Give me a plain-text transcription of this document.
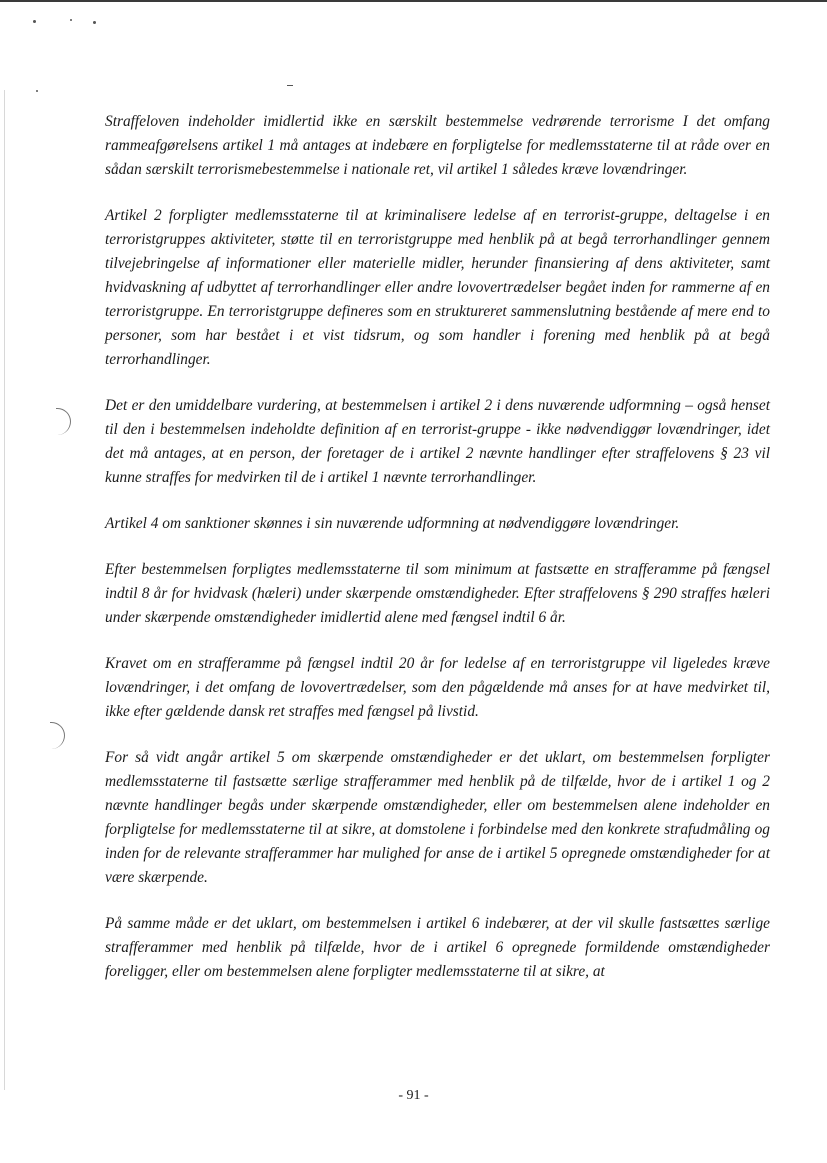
Straffeloven indeholder imidlertid ikke en særskilt bestemmelse vedrørende terrorisme I det omfang rammeafgørelsens artikel 1 må antages at indebære en forpligtelse for medlemsstaterne til at råde over en sådan særskilt terrorismebestemmelse i nationale ret, vil artikel 1 således kræve lovændringer.

Artikel 2 forpligter medlemsstaterne til at kriminalisere ledelse af en terrorist-gruppe, deltagelse i en terroristgruppes aktiviteter, støtte til en terroristgruppe med henblik på at begå terrorhandlinger gennem tilvejebringelse af informationer eller materielle midler, herunder finansiering af dens aktiviteter, samt hvidvaskning af udbyttet af terrorhandlinger eller andre lovovertrædelser begået inden for rammerne af en terroristgruppe. En terroristgruppe defineres som en struktureret sammenslutning bestående af mere end to personer, som har bestået i et vist tidsrum, og som handler i forening med henblik på at begå terrorhandlinger.

Det er den umiddelbare vurdering, at bestemmelsen i artikel 2 i dens nuværende udformning – også henset til den i bestemmelsen indeholdte definition af en terrorist-gruppe - ikke nødvendiggør lovændringer, idet det må antages, at en person, der foretager de i artikel 2 nævnte handlinger efter straffelovens § 23 vil kunne straffes for medvirken til de i artikel 1 nævnte terrorhandlinger.

Artikel 4 om sanktioner skønnes i sin nuværende udformning at nødvendiggøre lovændringer.

Efter bestemmelsen forpligtes medlemsstaterne til som minimum at fastsætte en strafferamme på fængsel indtil 8 år for hvidvask (hæleri) under skærpende omstændigheder. Efter straffelovens § 290 straffes hæleri under skærpende omstændigheder imidlertid alene med fængsel indtil 6 år.

Kravet om en strafferamme på fængsel indtil 20 år for ledelse af en terroristgruppe vil ligeledes kræve lovændringer, i det omfang de lovovertrædelser, som den pågældende må anses for at have medvirket til, ikke efter gældende dansk ret straffes med fængsel på livstid.

For så vidt angår artikel 5 om skærpende omstændigheder er det uklart, om bestemmelsen forpligter medlemsstaterne til fastsætte særlige strafferammer med henblik på de tilfælde, hvor de i artikel 1 og 2 nævnte handlinger begås under skærpende omstændigheder, eller om bestemmelsen alene indeholder en forpligtelse for medlemsstaterne til at sikre, at domstolene i forbindelse med den konkrete strafudmåling og inden for de relevante strafferammer har mulighed for anse de i artikel 5 opregnede omstændigheder for at være skærpende.

På samme måde er det uklart, om bestemmelsen i artikel 6 indebærer, at der vil skulle fastsættes særlige strafferammer med henblik på tilfælde, hvor de i artikel 6 opregnede formildende omstændigheder foreligger, eller om bestemmelsen alene forpligter medlemsstaterne til at sikre, at

- 91 -
